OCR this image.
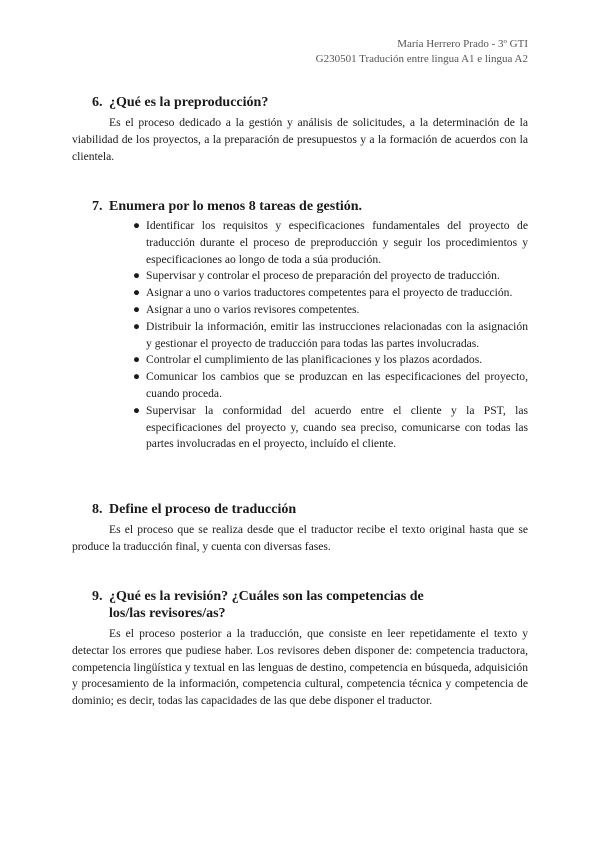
María Herrero Prado - 3º GTI
G230501 Tradución entre lingua A1 e lingua A2
6. ¿Qué es la preproducción?
Es el proceso dedicado a la gestión y análisis de solicitudes, a la determinación de la viabilidad de los proyectos, a la preparación de presupuestos y a la formación de acuerdos con la clientela.
7. Enumera por lo menos 8 tareas de gestión.
● Identificar los requisitos y especificaciones fundamentales del proyecto de traducción durante el proceso de preproducción y seguir los procedimientos y especificaciones ao longo de toda a súa produción.
● Supervisar y controlar el proceso de preparación del proyecto de traducción.
● Asignar a uno o varios traductores competentes para el proyecto de traducción.
● Asignar a uno o varios revisores competentes.
● Distribuir la información, emitir las instrucciones relacionadas con la asignación y gestionar el proyecto de traducción para todas las partes involucradas.
● Controlar el cumplimiento de las planificaciones y los plazos acordados.
● Comunicar los cambios que se produzcan en las especificaciones del proyecto, cuando proceda.
● Supervisar la conformidad del acuerdo entre el cliente y la PST, las especificaciones del proyecto y, cuando sea preciso, comunicarse con todas las partes involucradas en el proyecto, incluído el cliente.
8. Define el proceso de traducción
Es el proceso que se realiza desde que el traductor recibe el texto original hasta que se produce la traducción final, y cuenta con diversas fases.
9. ¿Qué es la revisión? ¿Cuáles son las competencias de los/las revisores/as?
Es el proceso posterior a la traducción, que consiste en leer repetidamente el texto y detectar los errores que pudiese haber. Los revisores deben disponer de: competencia traductora, competencia lingüística y textual en las lenguas de destino, competencia en búsqueda, adquisición y procesamiento de la información, competencia cultural, competencia técnica y competencia de dominio; es decir, todas las capacidades de las que debe disponer el traductor.
